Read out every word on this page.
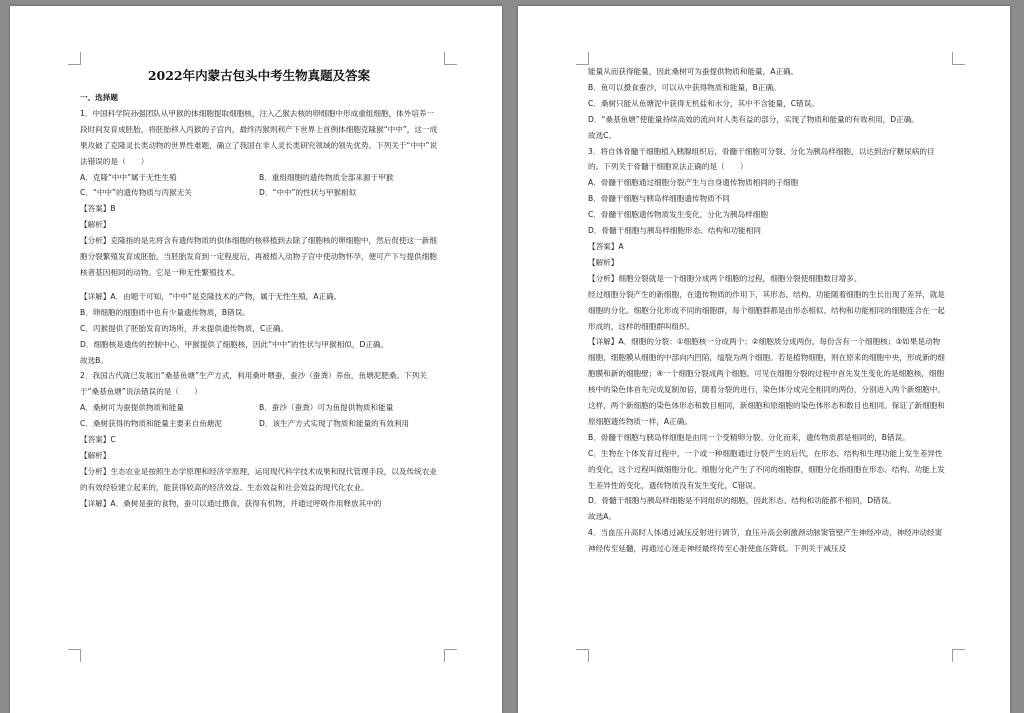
2022年内蒙古包头中考生物真题及答案

一、选择题

1．中国科学院孙强团队从甲猴的体细胞提取细胞核，注入乙猴去核的卵细胞中形成重组细胞，体外培养一段时间发育成胚胎，将胚胎移入丙猴的子宫内，最终丙猴则利产下世界上首例体细胞克隆猴“中中”，这一成果攻破了克隆灵长类动物的世界性难题，确立了我国在非人灵长类研究领域的领先优势。下列关于“中中”说法错误的是（　　）

A．克隆“中中”属于无性生殖	B．重组细胞的遗传物质全部来源于甲猴
C．“中中”的遗传物质与丙猴无关	D．“中中”的性状与甲猴相似

【答案】B

【解析】

【分析】克隆指的是先将含有遗传物质的供体细胞的核移植到去除了细胞核的卵细胞中，然后促使这一新细胞分裂繁殖发育成胚胎，当胚胎发育到一定程度后，再被植入动物子宫中使动物怀孕，便可产下与提供细胞核者基因相同的动物。它是一种无性繁殖技术。

【详解】A．由题干可知，“中中”是克隆技术的产物，属于无性生殖，A正确。

B．卵细胞的细胞质中也有少量遗传物质，B错误。

C．丙猴提供了胚胎发育的场所，并未提供遗传物质，C正确。

D．细胞核是遗传的控制中心，甲猴提供了细胞核，因此“中中”的性状与甲猴相似，D正确。

故选B。

2．我国古代就已发展出“桑基鱼塘”生产方式，利用桑叶喂蚕，蚕沙（蚕粪）养鱼，鱼塘泥肥桑。下列关于“桑基鱼塘”说法错误的是（　　）

A．桑树可为蚕提供物质和能量	B．蚕沙（蚕粪）可为鱼提供物质和能量
C．桑树获得的物质和能量主要来自鱼塘泥	D．该生产方式实现了物质和能量的有效利用

【答案】C

【解析】

【分析】生态农业是按照生态学原理和经济学原理，运用现代科学技术成果和现代管理手段，以及传统农业的有效经验建立起来的，能获得较高的经济效益、生态效益和社会效益的现代化农业。

【详解】A．桑树是蚕的食物，蚕可以通过摄食，获得有机物，并通过呼吸作用释放其中的

能量从而获得能量，因此桑树可为蚕提供物质和能量，A正确。

B．鱼可以摄食蚕沙，可以从中获得物质和能量，B正确。

C．桑树只能从鱼塘泥中获得无机盐和水分，其中不含能量，C错误。

D．“桑基鱼塘”使能量持续高效的流向对人类有益的部分，实现了物质和能量的有效利用，D正确。

故选C。

3．将自体骨髓干细胞植入胰腺组织后，骨髓干细胞可分裂、分化为胰岛样细胞，以达到治疗糖尿病的目的。下列关于骨髓干细胞说法正确的是（　　）

A．骨髓干细胞通过细胞分裂产生与自身遗传物质相同的子细胞

B．骨髓干细胞与胰岛样细胞遗传物质不同

C．骨髓干细胞遗传物质发生变化，分化为胰岛样细胞

D．骨髓干细胞与胰岛样细胞形态、结构和功能相同

【答案】A

【解析】

【分析】细胞分裂就是一个细胞分成两个细胞的过程，细胞分裂使细胞数目增多。

经过细胞分裂产生的新细胞，在遗传物质的作用下，其形态、结构、功能随着细胞的生长出现了差异，就是细胞的分化。细胞分化形成不同的细胞群，每个细胞群都是由形态相似、结构和功能相同的细胞连合在一起形成的，这样的细胞群叫组织。

【详解】A．细胞的分裂：①细胞核一分成两个；②细胞质分成两份，每份含有一个细胞核；③如果是动物细胞，细胞膜从细胞的中部向内凹陷，缢裂为两个细胞。若是植物细胞，则在原来的细胞中央，形成新的细胞膜和新的细胞壁；④一个细胞分裂成两个细胞。可见在细胞分裂的过程中首先发生变化的是细胞核，细胞核中的染色体首先完成复制加倍，随着分裂的进行，染色体分成完全相同的两份，分别进入两个新细胞中。这样，两个新细胞的染色体形态和数目相同，新细胞和原细胞的染色体形态和数目也相同。保证了新细胞和原细胞遗传物质一样，A正确。

B．骨髓干细胞与胰岛样细胞是由同一个受精卵分裂、分化而来，遗传物质都是相同的，B错误。

C．生物在个体发育过程中，一个或一种细胞通过分裂产生的后代，在形态、结构和生理功能上发生差异性的变化，这个过程叫做细胞分化。细胞分化产生了不同的细胞群，细胞分化指细胞在形态、结构、功能上发生差异性的变化，遗传物质没有发生变化，C错误。

D．骨髓干细胞与胰岛样细胞是不同组织的细胞，因此形态、结构和功能都不相同，D错误。

故选A。

4．当血压升高时人体通过减压反射进行调节，血压升高会刺激颈动脉窦管壁产生神经冲动，神经冲动经窦神经传至延髓，再通过心迷走神经最终传至心脏使血压降低。下列关于减压反
